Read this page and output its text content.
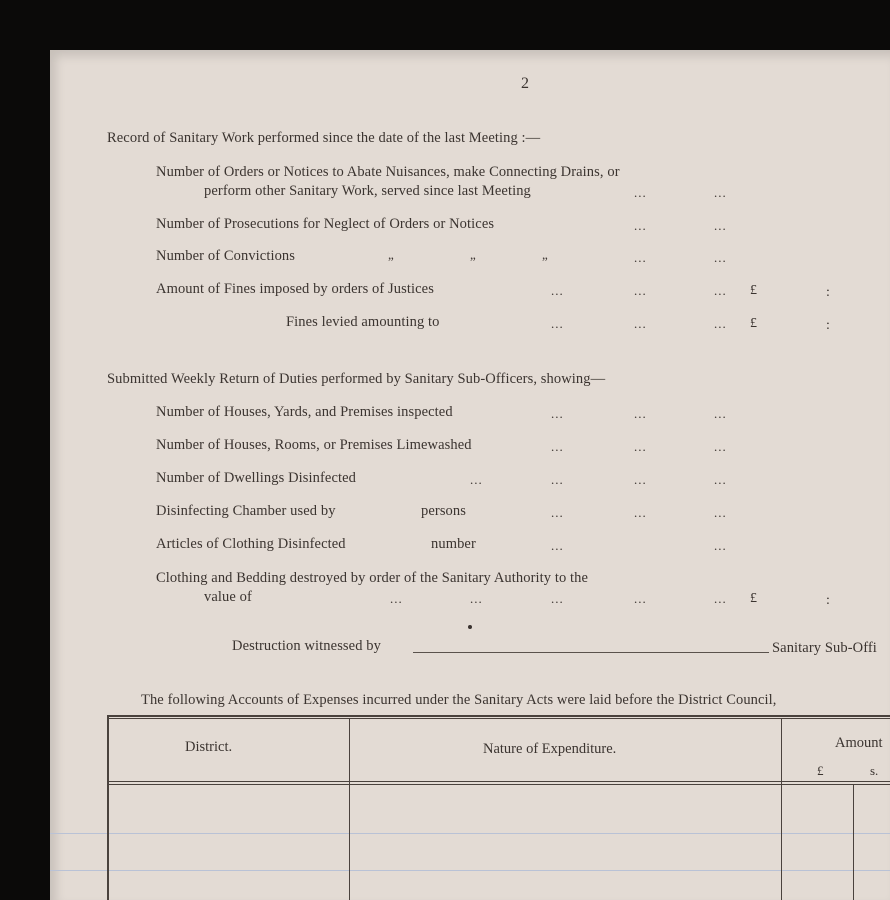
2
Record of Sanitary Work performed since the date of the last Meeting :—
Number of Orders or Notices to Abate Nuisances, make Connecting Drains, or
perform other Sanitary Work, served since last Meeting	...	...
Number of Prosecutions for Neglect of Orders or Notices	...	...
Number of Convictions	”	”	”	...	...
Amount of Fines imposed by orders of Justices	...	...	... £	:
Fines levied amounting to	...	...	... £	:
Submitted Weekly Return of Duties performed by Sanitary Sub-Officers, showing—
Number of Houses, Yards, and Premises inspected	...	...	...
Number of Houses, Rooms, or Premises Limewashed	...	...	...
Number of Dwellings Disinfected	...	...	...	...
Disinfecting Chamber used by	persons	...	...	...
Articles of Clothing Disinfected	number	...	...
Clothing and Bedding destroyed by order of the Sanitary Authority to the
value of	...	...	...	...	... £	:
Destruction witnessed by	Sanitary Sub-Offi
The following Accounts of Expenses incurred under the Sanitary Acts were laid before the District Council,
District.	Nature of Expenditure.	Amount
£	s.
